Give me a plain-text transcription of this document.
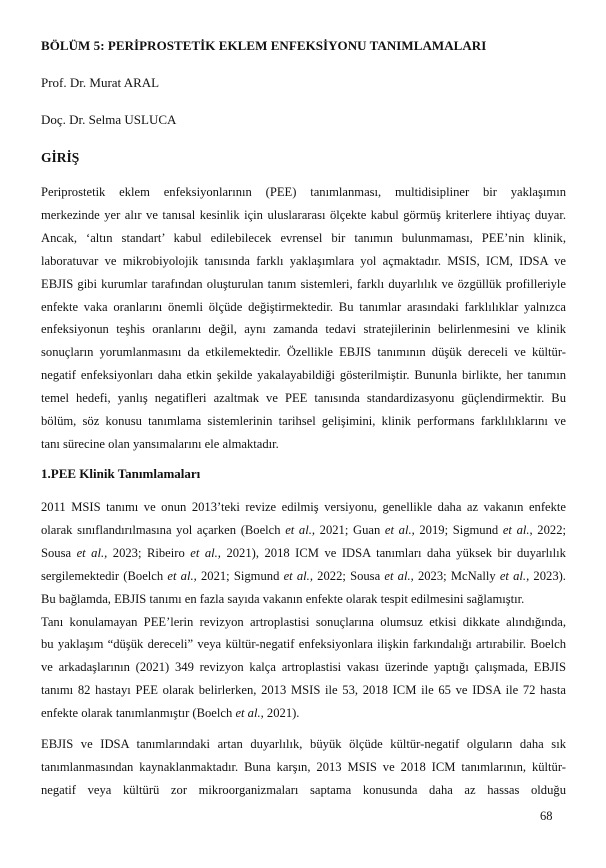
BÖLÜM 5: PERİPROSTETİK EKLEM ENFEKSİYONU TANIMLAMALARI
Prof. Dr. Murat ARAL
Doç. Dr. Selma USLUCA
GİRİŞ
Periprostetik eklem enfeksiyonlarının (PEE) tanımlanması, multidisipliner bir yaklaşımın
merkezinde yer alır ve tanısal kesinlik için uluslararası ölçekte kabul görmüş kriterlere ihtiyaç duyar.
Ancak, ‘altın standart’ kabul edilebilecek evrensel bir tanımın bulunmaması, PEE’nin klinik,
laboratuvar ve mikrobiyolojik tanısında farklı yaklaşımlara yol açmaktadır. MSIS, ICM, IDSA ve
EBJIS gibi kurumlar tarafından oluşturulan tanım sistemleri, farklı duyarlılık ve özgüllük profilleriyle
enfekte vaka oranlarını önemli ölçüde değiştirmektedir. Bu tanımlar arasındaki farklılıklar yalnızca
enfeksiyonun teşhis oranlarını değil, aynı zamanda tedavi stratejilerinin belirlenmesini ve klinik
sonuçların yorumlanmasını da etkilemektedir. Özellikle EBJIS tanımının düşük dereceli ve kültür-
negatif enfeksiyonları daha etkin şekilde yakalayabildiği gösterilmiştir. Bununla birlikte, her tanımın
temel hedefi, yanlış negatifleri azaltmak ve PEE tanısında standardizasyonu güçlendirmektir. Bu
bölüm, söz konusu tanımlama sistemlerinin tarihsel gelişimini, klinik performans farklılıklarını ve
tanı sürecine olan yansımalarını ele almaktadır.
1.PEE Klinik Tanımlamaları
2011 MSIS tanımı ve onun 2013’teki revize edilmiş versiyonu, genellikle daha az vakanın enfekte
olarak sınıflandırılmasına yol açarken (Boelch et al., 2021; Guan et al., 2019; Sigmund et al., 2022;
Sousa et al., 2023; Ribeiro et al., 2021), 2018 ICM ve IDSA tanımları daha yüksek bir duyarlılık
sergilemektedir (Boelch et al., 2021; Sigmund et al., 2022; Sousa et al., 2023; McNally et al., 2023).
Bu bağlamda, EBJIS tanımı en fazla sayıda vakanın enfekte olarak tespit edilmesini sağlamıştır.
Tanı konulamayan PEE’lerin revizyon artroplastisi sonuçlarına olumsuz etkisi dikkate alındığında,
bu yaklaşım “düşük dereceli” veya kültür-negatif enfeksiyonlara ilişkin farkındalığı artırabilir. Boelch
ve arkadaşlarının (2021) 349 revizyon kalça artroplastisi vakası üzerinde yaptığı çalışmada, EBJIS
tanımı 82 hastayı PEE olarak belirlerken, 2013 MSIS ile 53, 2018 ICM ile 65 ve IDSA ile 72 hasta
enfekte olarak tanımlanmıştır (Boelch et al., 2021).
EBJIS ve IDSA tanımlarındaki artan duyarlılık, büyük ölçüde kültür-negatif olguların daha sık
tanımlanmasından kaynaklanmaktadır. Buna karşın, 2013 MSIS ve 2018 ICM tanımlarının, kültür-
negatif veya kültürü zor mikroorganizmaları saptama konusunda daha az hassas olduğu
68
